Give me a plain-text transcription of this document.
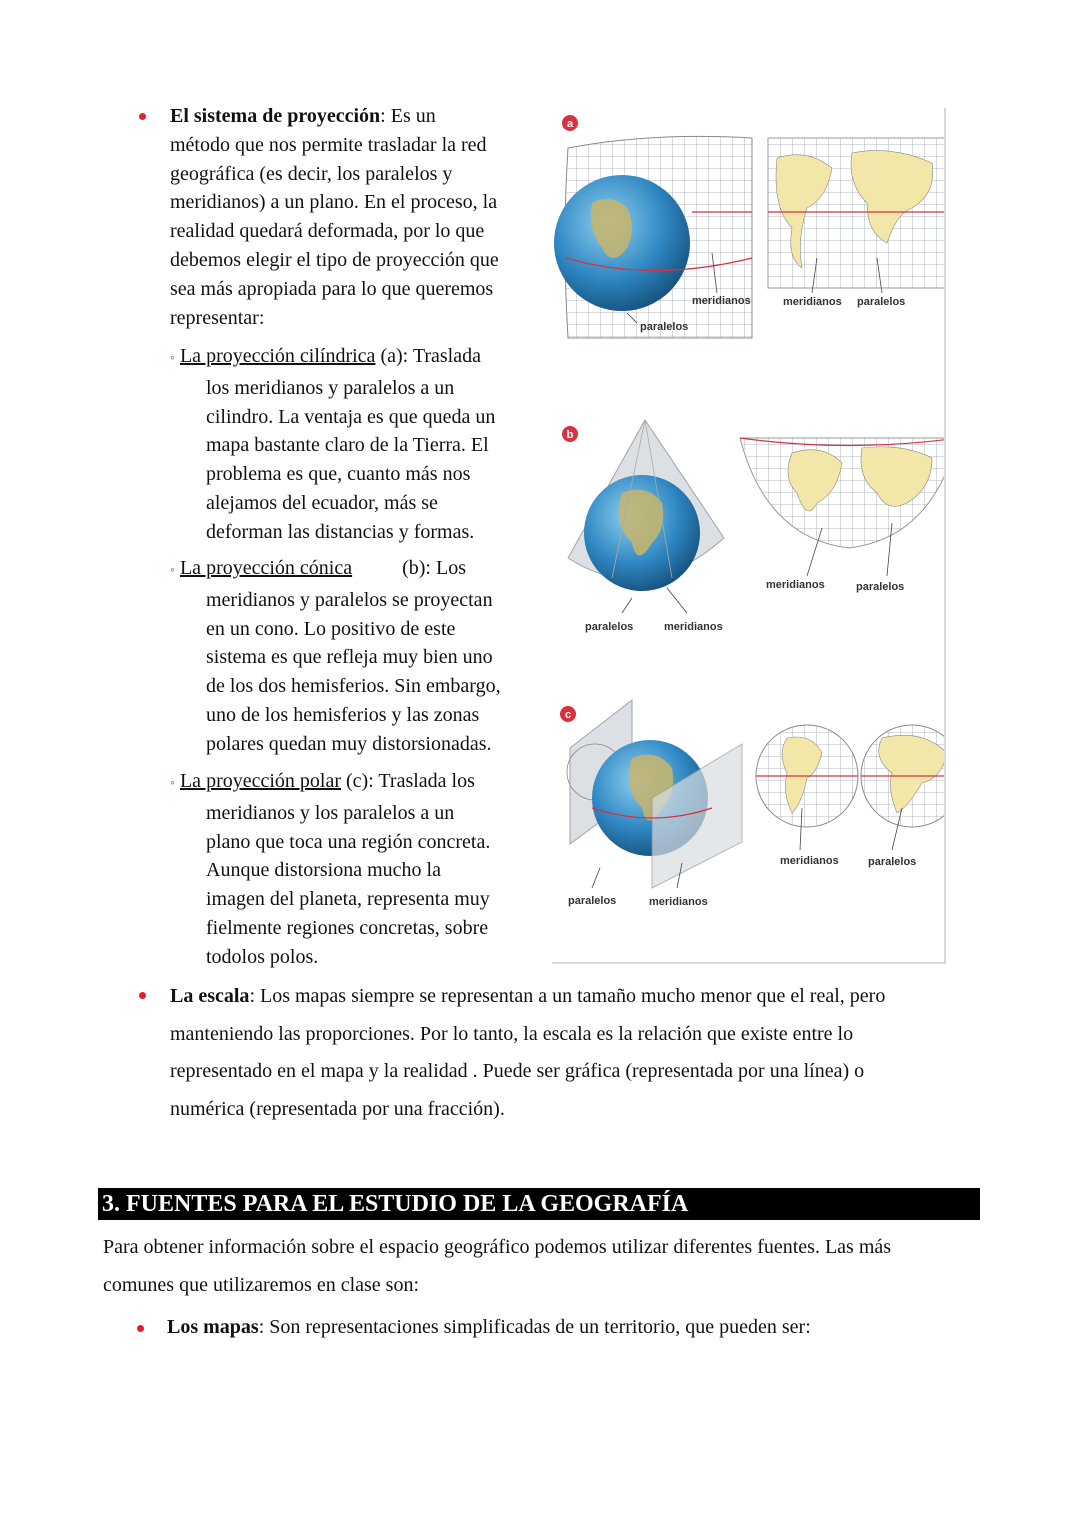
El sistema de proyección: Es un
método que nos permite trasladar la red
geográfica (es decir, los paralelos y
meridianos) a un plano. En el proceso, la
realidad quedará deformada, por lo que
debemos elegir el tipo de proyección que
sea más apropiada para lo que queremos
representar:
◦ La proyección cilíndrica (a): Traslada
los meridianos y paralelos a un
cilindro. La ventaja es que queda un
mapa bastante claro de la Tierra. El
problema es que, cuanto más nos
alejamos del ecuador, más se
deforman las distancias y formas.
◦ La proyección cónica	(b): Los
meridianos y paralelos se proyectan
en un cono. Lo positivo de este
sistema es que refleja muy bien uno
de los dos hemisferios. Sin embargo,
uno de los hemisferios y las zonas
polares quedan muy distorsionadas.
◦ La proyección polar (c): Traslada los
meridianos y los paralelos a un
plano que toca una región concreta.
Aunque distorsiona mucho la
imagen del planeta, representa muy
fielmente regiones concretas, sobre
todolos polos.
a
meridianos	meridianos paralelos
paralelos
b
meridianos	paralelos
paralelos	meridianos
c
meridianos	paralelos
paralelos	meridianos
La escala: Los mapas siempre se representan a un tamaño mucho menor que el real, pero
manteniendo las proporciones. Por lo tanto, la escala es la relación que existe entre lo
representado en el mapa y la realidad . Puede ser gráfica (representada por una línea) o
numérica (representada por una fracción).
3. FUENTES PARA EL ESTUDIO DE LA GEOGRAFÍA
Para obtener información sobre el espacio geográfico podemos utilizar diferentes fuentes. Las más
comunes que utilizaremos en clase son:
Los mapas: Son representaciones simplificadas de un territorio, que pueden ser:
